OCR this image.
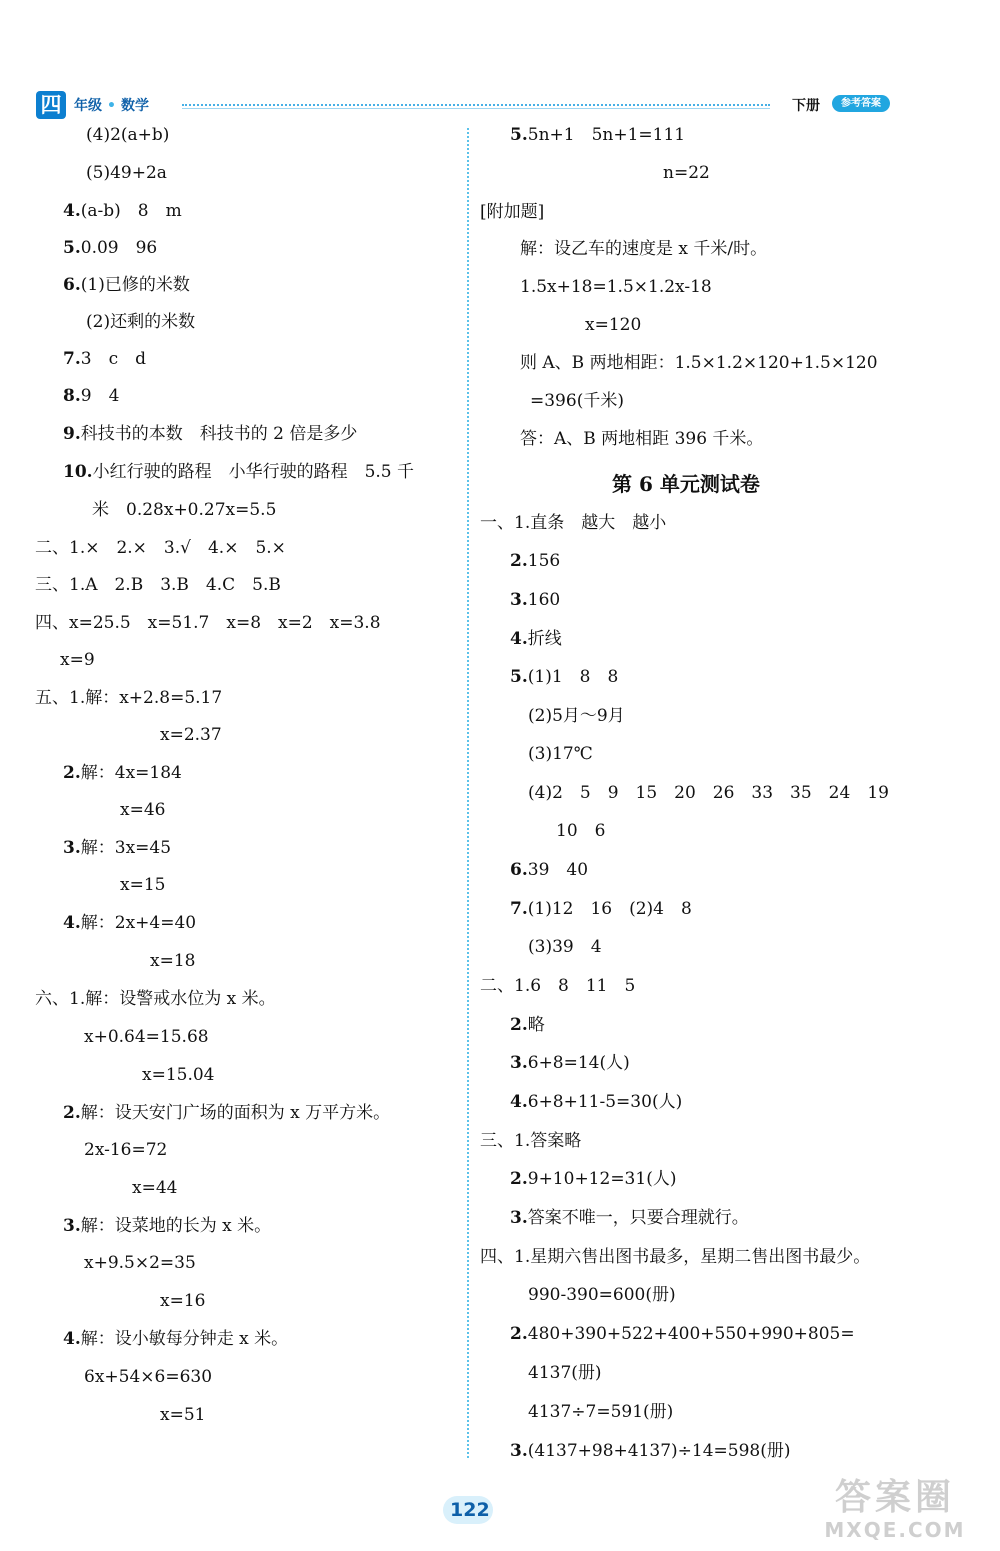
四 年级 • 数学	下册	参考答案
(4)2(a+b)
(5)49+2a
4.(a-b)　8　m
5.0.09　96
6.(1)已修的米数
(2)还剩的米数
7.3　c　d
8.9　4
9.科技书的本数　科技书的 2 倍是多少
10.小红行驶的路程　小华行驶的路程　5.5 千
米　0.28x+0.27x=5.5
二、1.×　2.×　3.√　4.×　5.×
三、1.A　2.B　3.B　4.C　5.B
四、x=25.5　x=51.7　x=8　x=2　x=3.8
x=9
五、1.解：x+2.8=5.17
x=2.37
2.解：4x=184
x=46
3.解：3x=45
x=15
4.解：2x+4=40
x=18
六、1.解：设警戒水位为 x 米。
x+0.64=15.68
x=15.04
2.解：设天安门广场的面积为 x 万平方米。
2x-16=72
x=44
3.解：设菜地的长为 x 米。
x+9.5×2=35
x=16
4.解：设小敏每分钟走 x 米。
6x+54×6=630
x=51
5.5n+1　5n+1=111
n=22
[附加题]
解：设乙车的速度是 x 千米/时。
1.5x+18=1.5×1.2x-18
x=120
则 A、B 两地相距：1.5×1.2×120+1.5×120
=396(千米)
答：A、B 两地相距 396 千米。
第 6 单元测试卷
一、1.直条　越大　越小
2.156
3.160
4.折线
5.(1)1　8　8
(2)5月～9月
(3)17℃
(4)2　5　9　15　20　26　33　35　24　19
10　6
6.39　40
7.(1)12　16　(2)4　8
(3)39　4
二、1.6　8　11　5
2.略
3.6+8=14(人)
4.6+8+11-5=30(人)
三、1.答案略
2.9+10+12=31(人)
3.答案不唯一，只要合理就行。
四、1.星期六售出图书最多，星期二售出图书最少。
990-390=600(册)
2.480+390+522+400+550+990+805=
4137(册)
4137÷7=591(册)
3.(4137+98+4137)÷14=598(册)
122	答案圈
MXQE.COM
